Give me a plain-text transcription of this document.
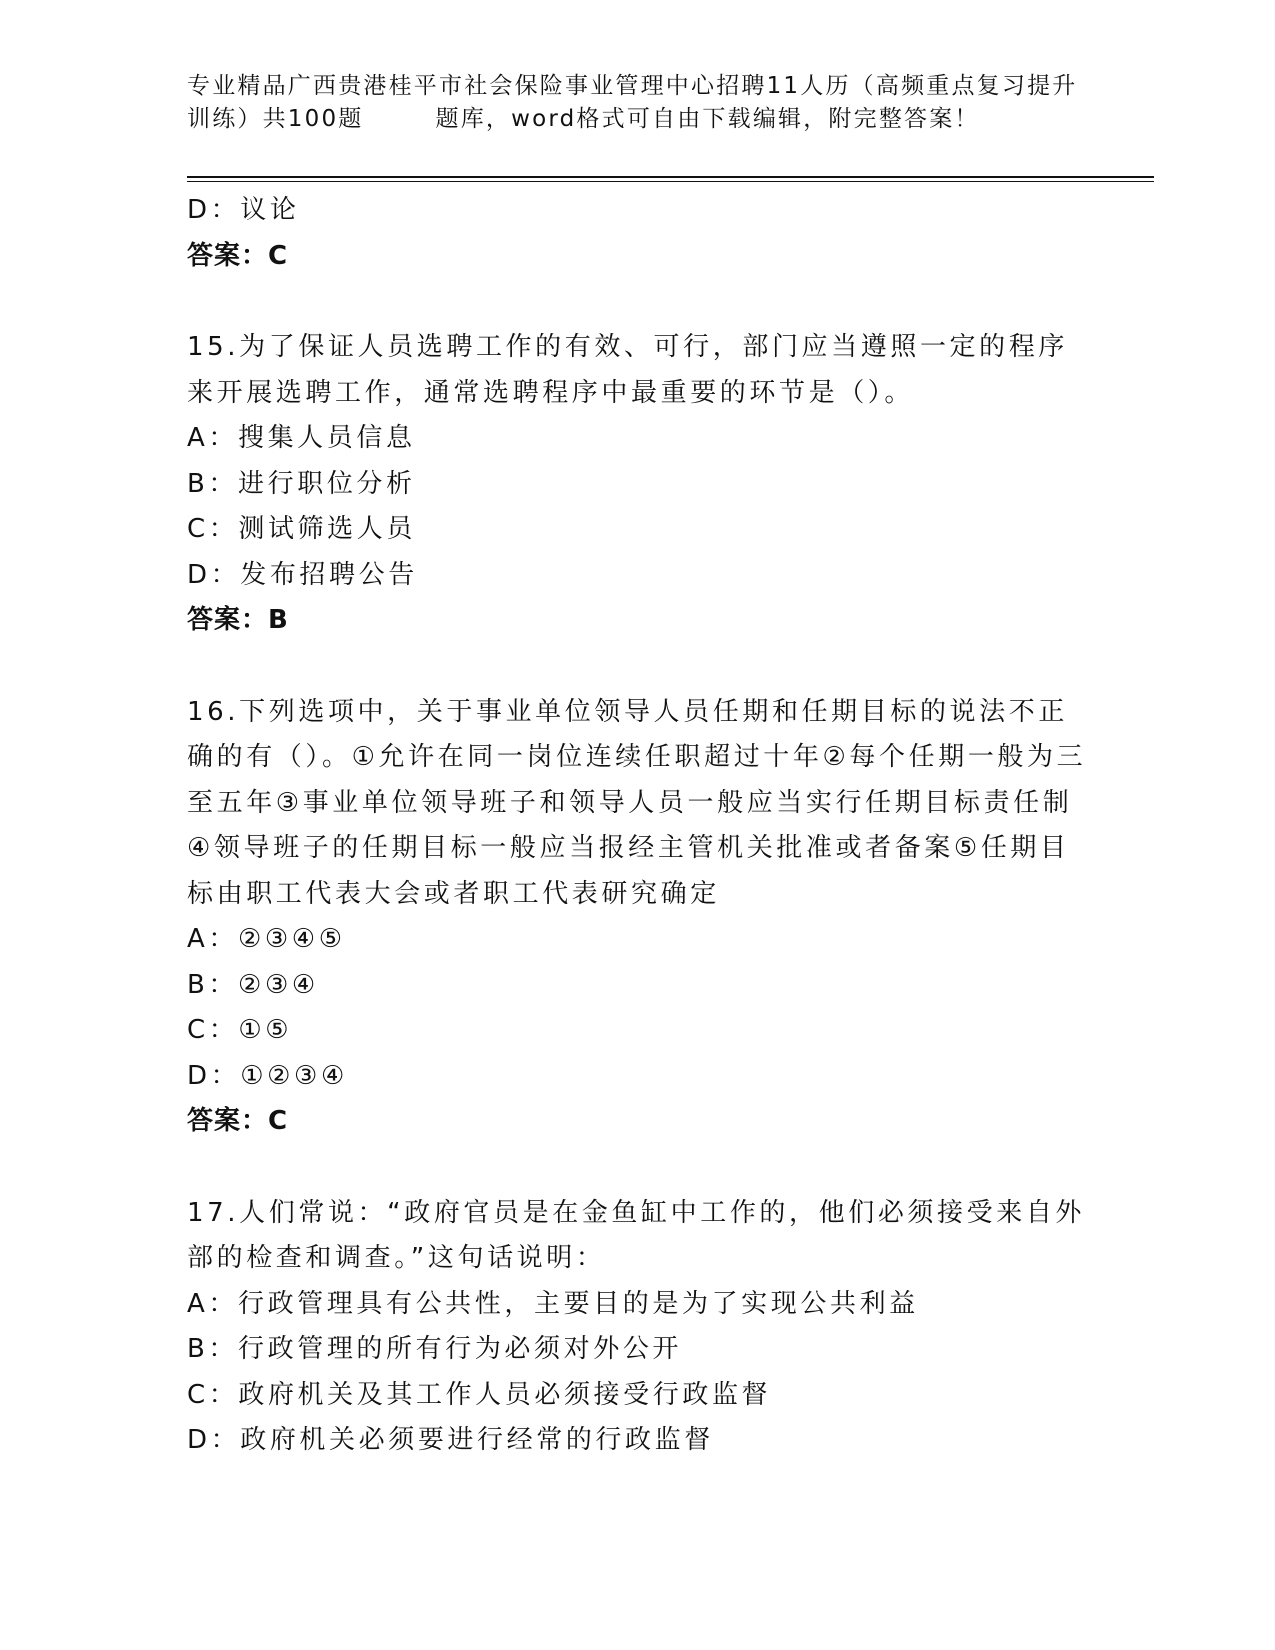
专业精品广西贵港桂平市社会保险事业管理中心招聘11人历（高频重点复习提升
训练）共100题	题库，word格式可自由下载编辑，附完整答案！
D：议论
答案：C
15.为了保证人员选聘工作的有效、可行，部门应当遵照一定的程序来开展选聘工作，通常选聘程序中最重要的环节是（）。
A：搜集人员信息
B：进行职位分析
C：测试筛选人员
D：发布招聘公告
答案：B
16.下列选项中，关于事业单位领导人员任期和任期目标的说法不正确的有（）。①允许在同一岗位连续任职超过十年②每个任期一般为三至五年③事业单位领导班子和领导人员一般应当实行任期目标责任制④领导班子的任期目标一般应当报经主管机关批准或者备案⑤任期目标由职工代表大会或者职工代表研究确定
A：②③④⑤
B：②③④
C：①⑤
D：①②③④
答案：C
17.人们常说：“政府官员是在金鱼缸中工作的，他们必须接受来自外部的检查和调查。”这句话说明：
A：行政管理具有公共性，主要目的是为了实现公共利益
B：行政管理的所有行为必须对外公开
C：政府机关及其工作人员必须接受行政监督
D：政府机关必须要进行经常的行政监督
